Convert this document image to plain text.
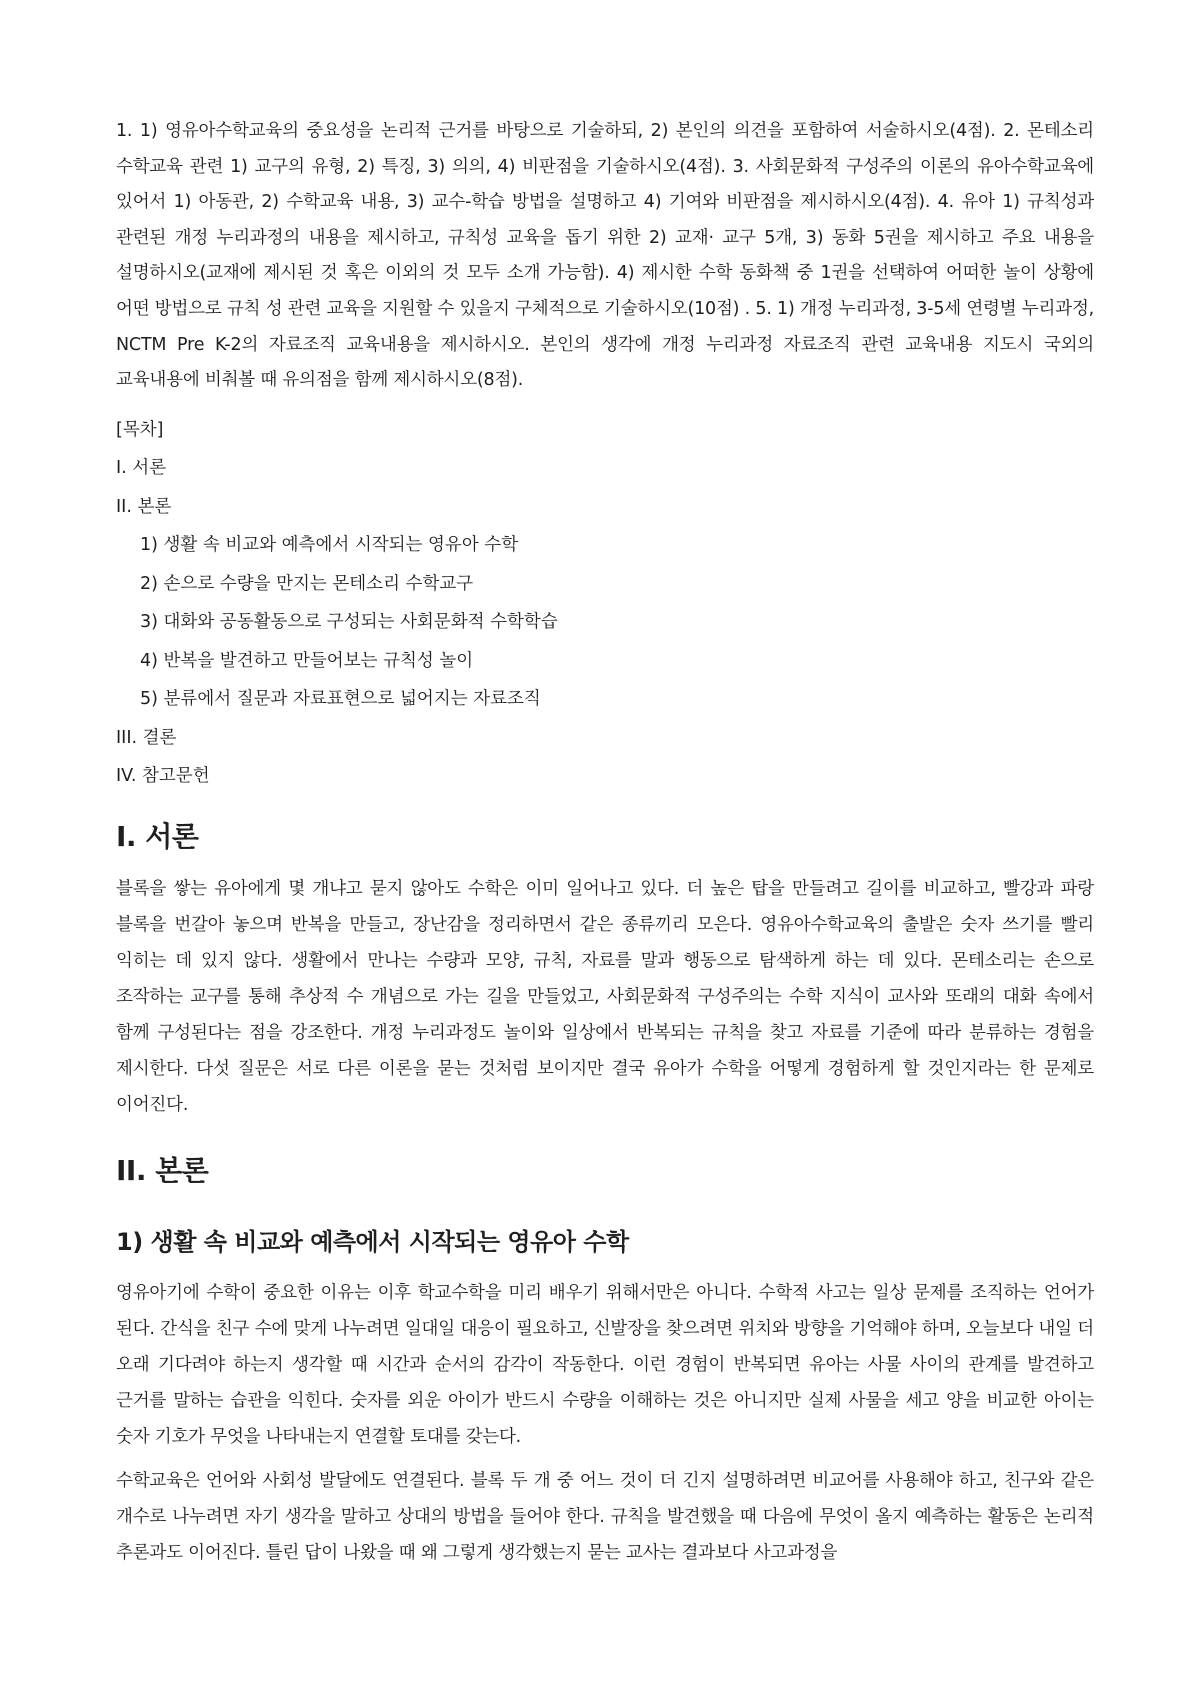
1. 1) 영유아수학교육의 중요성을 논리적 근거를 바탕으로 기술하되, 2) 본인의 의견을 포함하여 서술하시오(4점). 2. 몬테소리 수학교육 관련 1) 교구의 유형, 2) 특징, 3) 의의, 4) 비판점을 기술하시오(4점). 3. 사회문화적 구성주의 이론의 유아수학교육에 있어서 1) 아동관, 2) 수학교육 내용, 3) 교수-학습 방법을 설명하고 4) 기여와 비판점을 제시하시오(4점). 4. 유아 1) 규칙성과 관련된 개정 누리과정의 내용을 제시하고, 규칙성 교육을 돕기 위한 2) 교재· 교구 5개, 3) 동화 5권을 제시하고 주요 내용을 설명하시오(교재에 제시된 것 혹은 이외의 것 모두 소개 가능함). 4) 제시한 수학 동화책 중 1권을 선택하여 어떠한 놀이 상황에 어떤 방법으로 규칙 성 관련 교육을 지원할 수 있을지 구체적으로 기술하시오(10점) . 5. 1) 개정 누리과정, 3-5세 연령별 누리과정, NCTM Pre K-2의 자료조직 교육내용을 제시하시오. 본인의 생각에 개정 누리과정 자료조직 관련 교육내용 지도시 국외의 교육내용에 비춰볼 때 유의점을 함께 제시하시오(8점).

[목차]
I. 서론
II. 본론
1) 생활 속 비교와 예측에서 시작되는 영유아 수학
2) 손으로 수량을 만지는 몬테소리 수학교구
3) 대화와 공동활동으로 구성되는 사회문화적 수학학습
4) 반복을 발견하고 만들어보는 규칙성 놀이
5) 분류에서 질문과 자료표현으로 넓어지는 자료조직
III. 결론
IV. 참고문헌
I. 서론

블록을 쌓는 유아에게 몇 개냐고 묻지 않아도 수학은 이미 일어나고 있다. 더 높은 탑을 만들려고 길이를 비교하고, 빨강과 파랑 블록을 번갈아 놓으며 반복을 만들고, 장난감을 정리하면서 같은 종류끼리 모은다. 영유아수학교육의 출발은 숫자 쓰기를 빨리 익히는 데 있지 않다. 생활에서 만나는 수량과 모양, 규칙, 자료를 말과 행동으로 탐색하게 하는 데 있다. 몬테소리는 손으로 조작하는 교구를 통해 추상적 수 개념으로 가는 길을 만들었고, 사회문화적 구성주의는 수학 지식이 교사와 또래의 대화 속에서 함께 구성된다는 점을 강조한다. 개정 누리과정도 놀이와 일상에서 반복되는 규칙을 찾고 자료를 기준에 따라 분류하는 경험을 제시한다. 다섯 질문은 서로 다른 이론을 묻는 것처럼 보이지만 결국 유아가 수학을 어떻게 경험하게 할 것인지라는 한 문제로 이어진다.

II. 본론
1) 생활 속 비교와 예측에서 시작되는 영유아 수학

영유아기에 수학이 중요한 이유는 이후 학교수학을 미리 배우기 위해서만은 아니다. 수학적 사고는 일상 문제를 조직하는 언어가 된다. 간식을 친구 수에 맞게 나누려면 일대일 대응이 필요하고, 신발장을 찾으려면 위치와 방향을 기억해야 하며, 오늘보다 내일 더 오래 기다려야 하는지 생각할 때 시간과 순서의 감각이 작동한다. 이런 경험이 반복되면 유아는 사물 사이의 관계를 발견하고 근거를 말하는 습관을 익힌다. 숫자를 외운 아이가 반드시 수량을 이해하는 것은 아니지만 실제 사물을 세고 양을 비교한 아이는 숫자 기호가 무엇을 나타내는지 연결할 토대를 갖는다.

수학교육은 언어와 사회성 발달에도 연결된다. 블록 두 개 중 어느 것이 더 긴지 설명하려면 비교어를 사용해야 하고, 친구와 같은 개수로 나누려면 자기 생각을 말하고 상대의 방법을 들어야 한다. 규칙을 발견했을 때 다음에 무엇이 올지 예측하는 활동은 논리적 추론과도 이어진다. 틀린 답이 나왔을 때 왜 그렇게 생각했는지 묻는 교사는 결과보다 사고과정을
